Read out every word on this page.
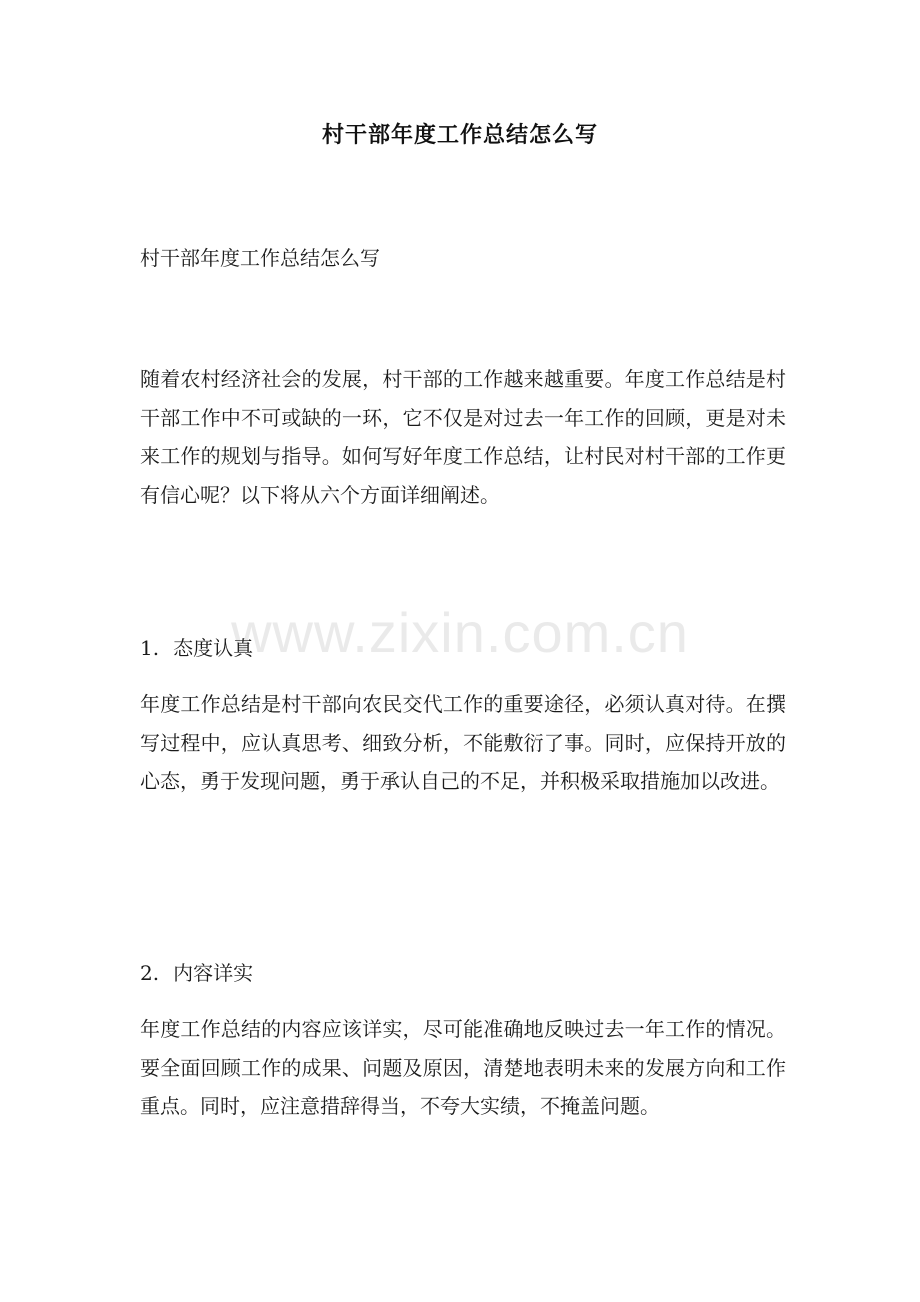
村干部年度工作总结怎么写
村干部年度工作总结怎么写
随着农村经济社会的发展，村干部的工作越来越重要。年度工作总结是村干部工作中不可或缺的一环，它不仅是对过去一年工作的回顾，更是对未来工作的规划与指导。如何写好年度工作总结，让村民对村干部的工作更有信心呢？以下将从六个方面详细阐述。
www.zixin.com.cn
1. 态度认真
年度工作总结是村干部向农民交代工作的重要途径，必须认真对待。在撰写过程中，应认真思考、细致分析，不能敷衍了事。同时，应保持开放的心态，勇于发现问题，勇于承认自己的不足，并积极采取措施加以改进。
2. 内容详实
年度工作总结的内容应该详实，尽可能准确地反映过去一年工作的情况。要全面回顾工作的成果、问题及原因，清楚地表明未来的发展方向和工作重点。同时，应注意措辞得当，不夸大实绩，不掩盖问题。
